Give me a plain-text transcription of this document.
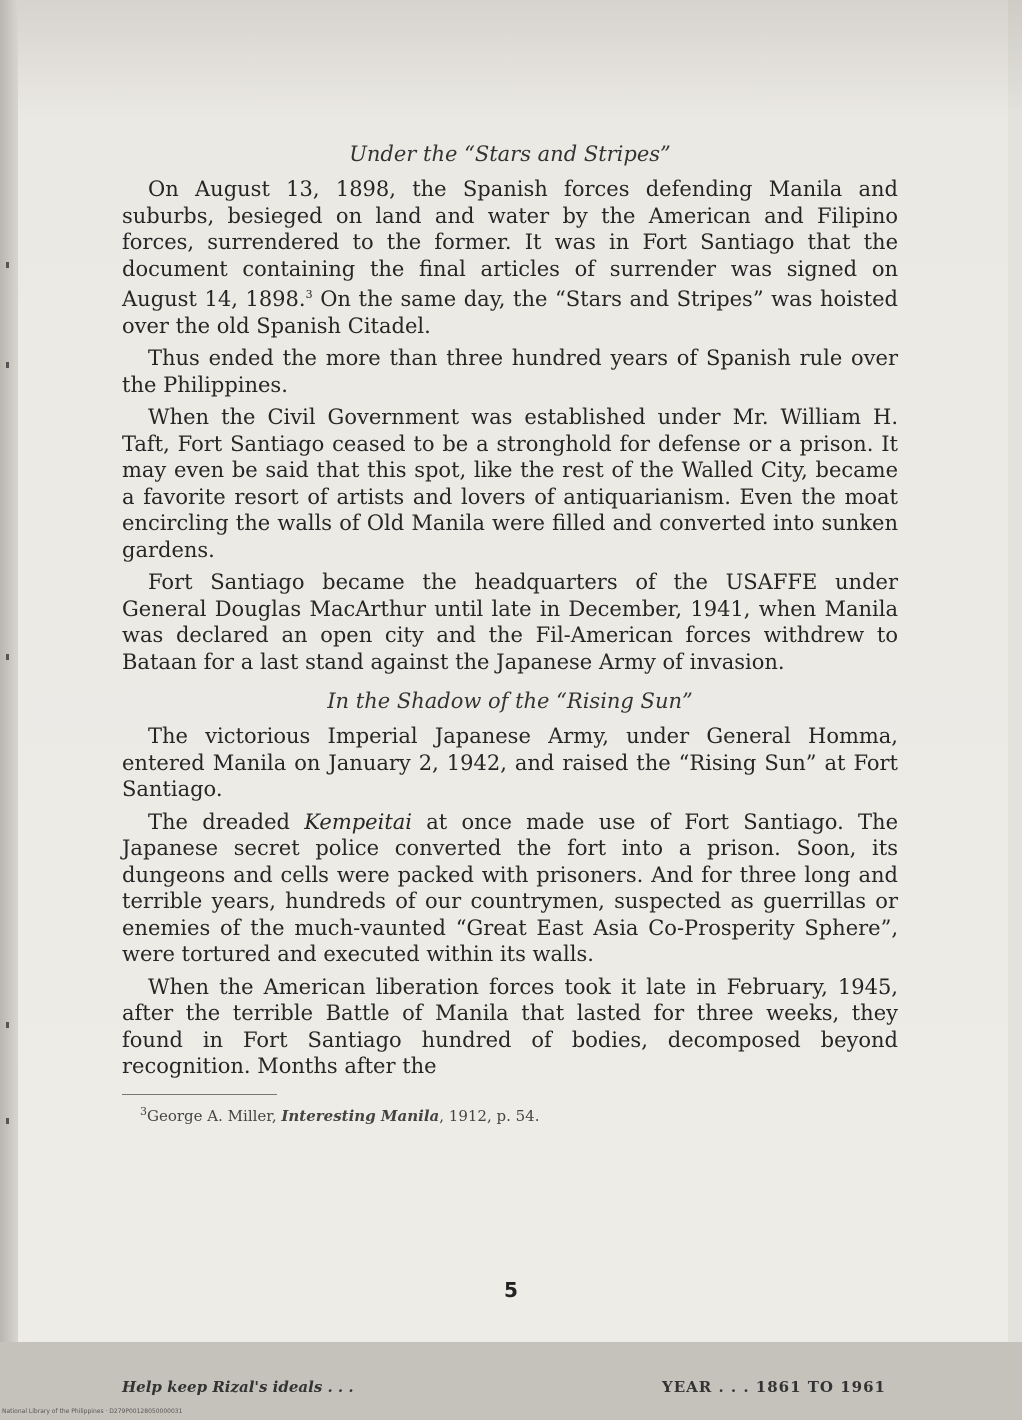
Under the “Stars and Stripes”

On August 13, 1898, the Spanish forces defending Manila and suburbs, besieged on land and water by the American and Filipino forces, surrendered to the former. It was in Fort Santiago that the document containing the final articles of surrender was signed on August 14, 1898.$^3$ On the same day, the “Stars and Stripes” was hoisted over the old Spanish Citadel.

Thus ended the more than three hundred years of Spanish rule over the Philippines.

When the Civil Government was established under Mr. William H. Taft, Fort Santiago ceased to be a stronghold for defense or a prison. It may even be said that this spot, like the rest of the Walled City, became a favorite resort of artists and lovers of antiquarianism. Even the moat encircling the walls of Old Manila were filled and converted into sunken gardens.

Fort Santiago became the headquarters of the USAFFE under General Douglas MacArthur until late in December, 1941, when Manila was declared an open city and the Fil-American forces withdrew to Bataan for a last stand against the Japanese Army of invasion.

In the Shadow of the “Rising Sun”

The victorious Imperial Japanese Army, under General Homma, entered Manila on January 2, 1942, and raised the “Rising Sun” at Fort Santiago.

The dreaded Kempeitai at once made use of Fort Santiago. The Japanese secret police converted the fort into a prison. Soon, its dungeons and cells were packed with prisoners. And for three long and terrible years, hundreds of our countrymen, suspected as guerrillas or enemies of the much-vaunted “Great East Asia Co-Prosperity Sphere”, were tortured and executed within its walls.

When the American liberation forces took it late in February, 1945, after the terrible Battle of Manila that lasted for three weeks, they found in Fort Santiago hundred of bodies, decomposed beyond recognition. Months after the

$^3$George A. Miller, Interesting Manila, 1912, p. 54.
5
Help keep Rizal's ideals . . .	YEAR . . . 1861 TO 1961
National Library of the Philippines · D279P00128050000031
